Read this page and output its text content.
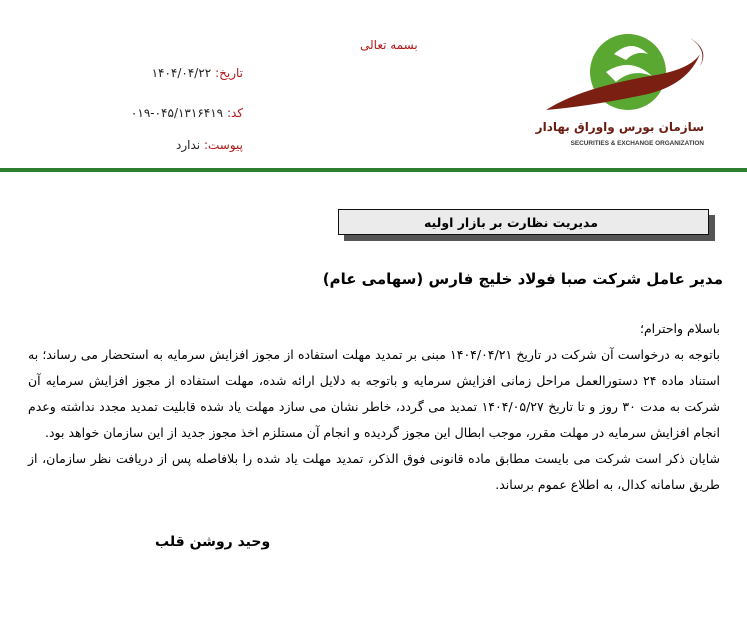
سازمان بورس واوراق بهادار
SECURITIES & EXCHANGE ORGANIZATION
بسمه تعالی
تاریخ: ۱۴۰۴/۰۴/۲۲
کد: ۰۴۵/۱۳۱۶۴۱۹-۰۱۹
پیوست: ندارد
مدیریت نظارت بر بازار اولیه
مدیر عامل شرکت صبا فولاد خلیج فارس (سهامی عام)

باسلام واحترام؛

باتوجه به درخواست آن شرکت در تاریخ ۱۴۰۴/۰۴/۲۱ مبنی بر تمدید مهلت استفاده از مجوز افزایش سرمایه به استحضار می رساند؛ به استناد ماده ۲۴ دستورالعمل مراحل زمانی افزایش سرمایه و باتوجه به دلایل ارائه شده، مهلت استفاده از مجوز افزایش سرمایه آن شرکت به مدت ۳۰ روز و تا تاریخ ۱۴۰۴/۰۵/۲۷ تمدید می گردد، خاطر نشان می سازد مهلت یاد شده قابلیت تمدید مجدد نداشته وعدم انجام افزایش سرمایه در مهلت مقرر، موجب ابطال این مجوز گردیده و انجام آن مستلزم اخذ مجوز جدید از این سازمان خواهد بود.

شایان ذکر است شرکت می بایست مطابق ماده قانونی فوق الذکر، تمدید مهلت یاد شده را بلافاصله پس از دریافت نظر سازمان، از طریق سامانه کدال، به اطلاع عموم برساند.

وحید روشن قلب
